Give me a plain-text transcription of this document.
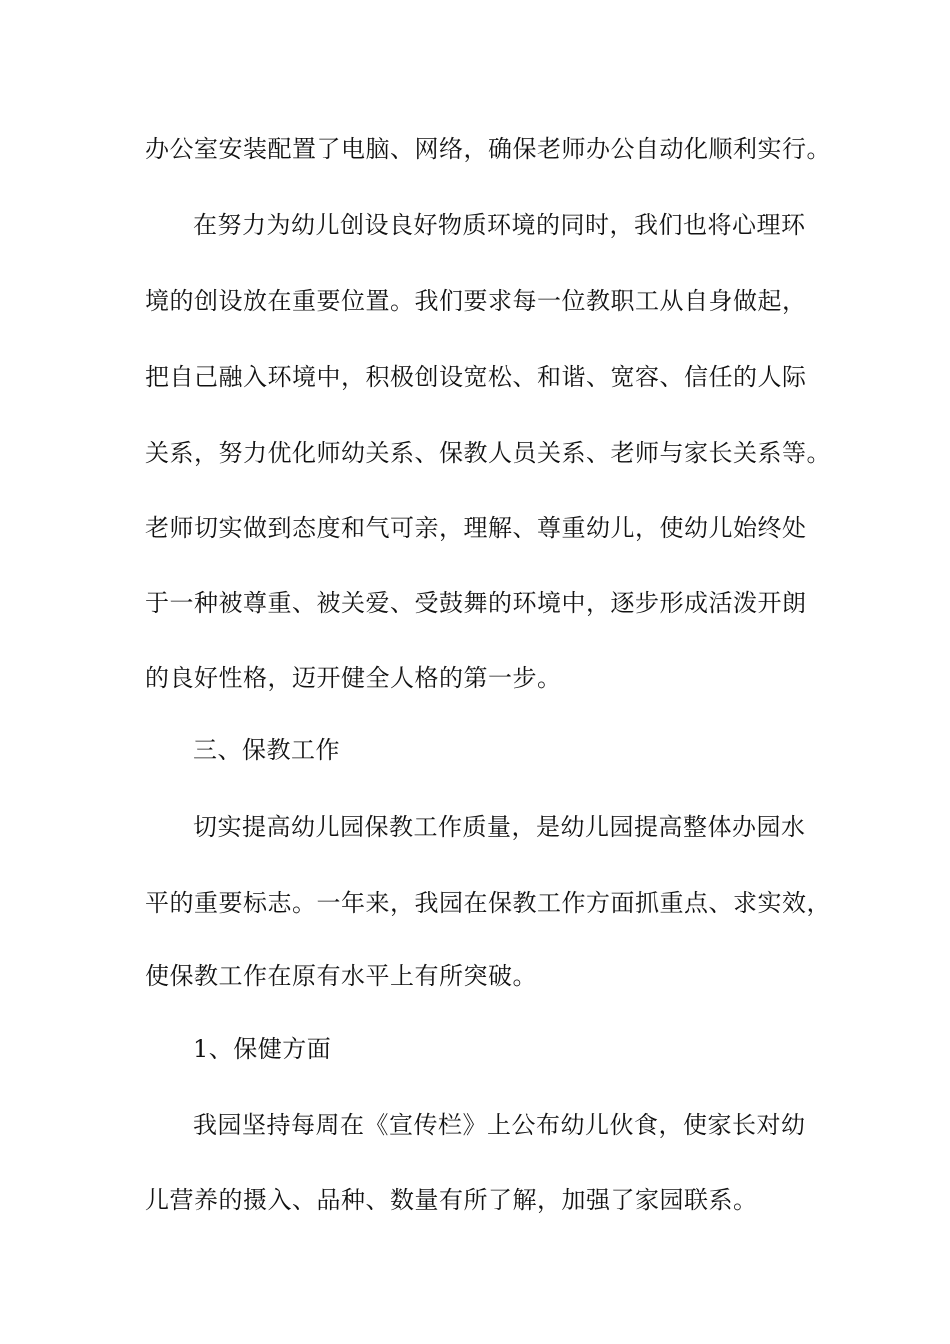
办公室安装配置了电脑、网络，确保老师办公自动化顺利实行。
在努力为幼儿创设良好物质环境的同时，我们也将心理环
境的创设放在重要位置。我们要求每一位教职工从自身做起，
把自己融入环境中，积极创设宽松、和谐、宽容、信任的人际
关系，努力优化师幼关系、保教人员关系、老师与家长关系等。
老师切实做到态度和气可亲，理解、尊重幼儿，使幼儿始终处
于一种被尊重、被关爱、受鼓舞的环境中，逐步形成活泼开朗
的良好性格，迈开健全人格的第一步。
三、保教工作
切实提高幼儿园保教工作质量，是幼儿园提高整体办园水
平的重要标志。一年来，我园在保教工作方面抓重点、求实效，
使保教工作在原有水平上有所突破。
1、保健方面
我园坚持每周在《宣传栏》上公布幼儿伙食，使家长对幼
儿营养的摄入、品种、数量有所了解，加强了家园联系。
